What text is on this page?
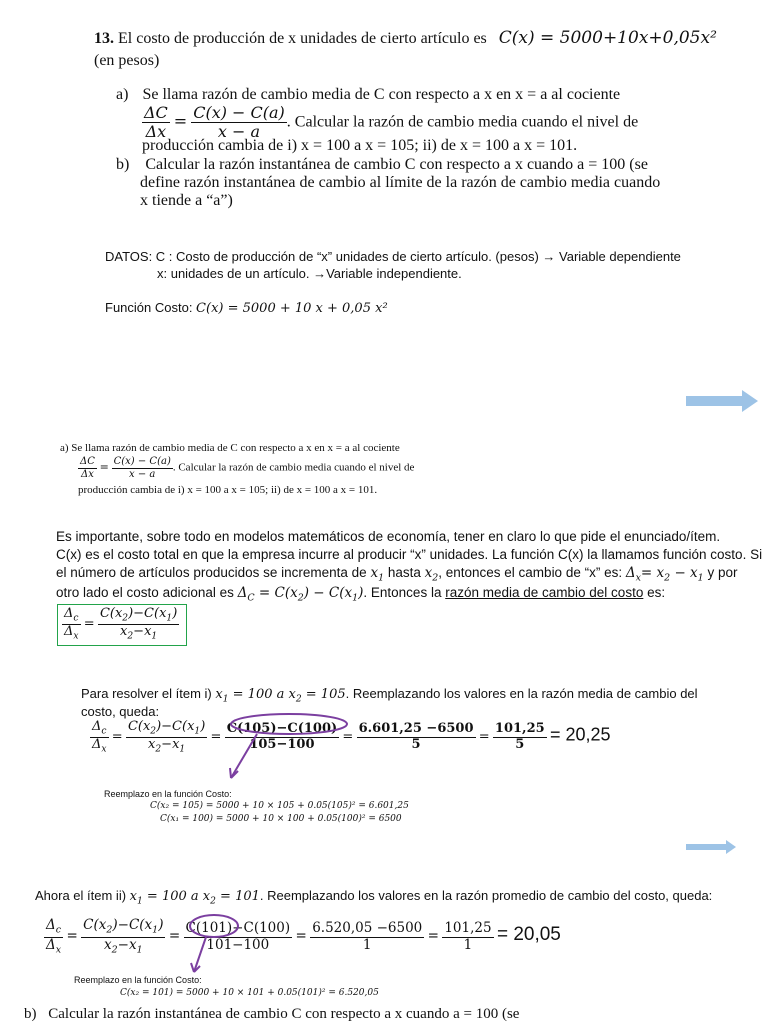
13. El costo de producción de x unidades de cierto artículo es C(x) = 5000+10x+0,05x²
(en pesos)
a) Se llama razón de cambio media de C con respecto a x en x = a al cociente
$\frac{\Delta C}{\Delta x} = \frac{C(x) - C(a)}{x - a}$ . Calcular la razón de cambio media cuando el nivel de
producción cambia de i) x = 100 a x = 105; ii) de x = 100 a x = 101.
b) Calcular la razón instantánea de cambio C con respecto a x cuando a = 100 (se
define razón instantánea de cambio al límite de la razón de cambio media cuando
x tiende a “a”)
DATOS: C : Costo de producción de “x” unidades de cierto artículo. (pesos) → Variable dependiente
x: unidades de un artículo. →Variable independiente.
Función Costo: C(x) = 5000 + 10 x + 0,05 x²
a) Se llama razón de cambio media de C con respecto a x en x = a al cociente
$\frac{\Delta C}{\Delta x} = \frac{C(x) - C(a)}{x - a}$ . Calcular la razón de cambio media cuando el nivel de
producción cambia de i) x = 100 a x = 105; ii) de x = 100 a x = 101.
Es importante, sobre todo en modelos matemáticos de economía, tener en claro lo que pide el enunciado/ítem.
C(x) es el costo total en que la empresa incurre al producir “x” unidades. La función C(x) la llamamos función costo. Si
el número de artículos producidos se incrementa de $x_1$ hasta $x_2$, entonces el cambio de “x” es: $\Delta_x= x_2 - x_1$ y por
otro lado el costo adicional es $\Delta_C = C(x_2) - C(x_1)$. Entonces la razón media de cambio del costo es:
$\frac{\Delta_c}{\Delta_x} = \frac{C(x_2)-C(x_1)}{x_2-x_1}$
Para resolver el ítem i) $x_1 = 100$ a $x_2 = 105$. Reemplazando los valores en la razón media de cambio del
costo, queda:
$\frac{\Delta_c}{\Delta_x} = \frac{C(x_2)-C(x_1)}{x_2-x_1} = \frac{C(105)-C(100)}{105-100} = \frac{6.601,25 -6500}{5} = \frac{101,25}{5} = 20,25$
Reemplazo en la función Costo:
C(x₂ = 105) = 5000 + 10 × 105 + 0.05(105)² = 6.601,25
C(x₁ = 100) = 5000 + 10 × 100 + 0.05(100)² = 6500
Ahora el ítem ii) $x_1 = 100$ a $x_2 = 101$. Reemplazando los valores en la razón promedio de cambio del costo, queda:
$\frac{\Delta_c}{\Delta_x} = \frac{C(x_2)-C(x_1)}{x_2-x_1} = \frac{C(101)-C(100)}{101-100} = \frac{6.520,05 -6500}{1} = \frac{101,25}{1} = 20,05$
Reemplazo en la función Costo:
C(x₂ = 101) = 5000 + 10 × 101 + 0.05(101)² = 6.520,05
b) Calcular la razón instantánea de cambio C con respecto a x cuando a = 100 (se
